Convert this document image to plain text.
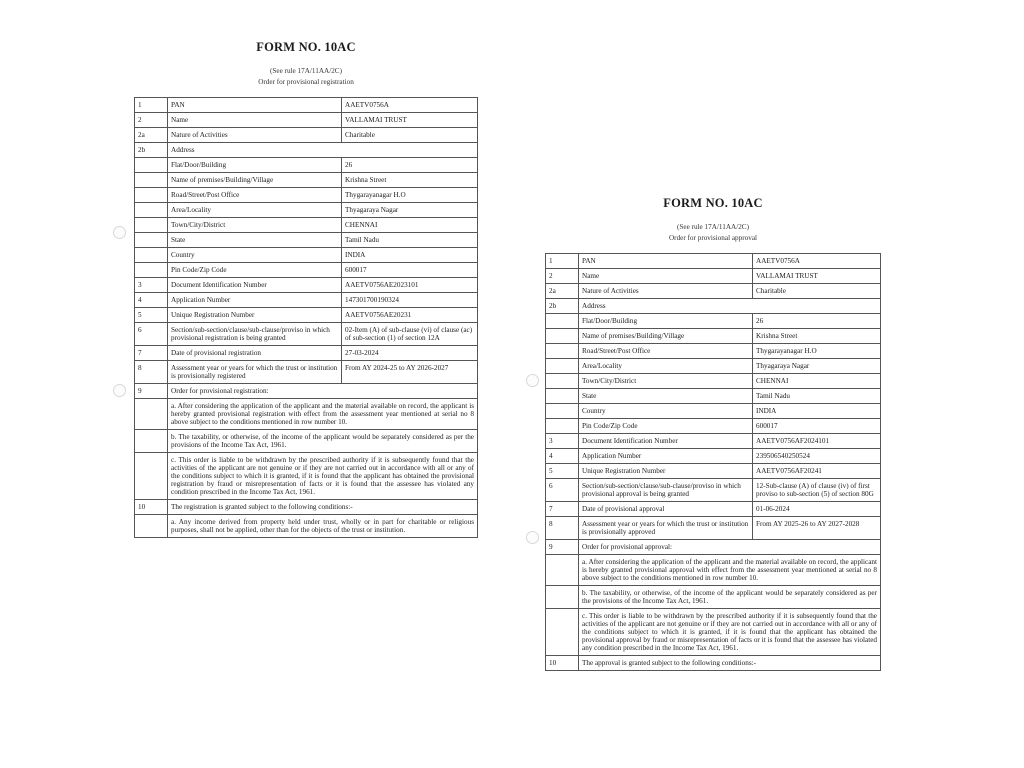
FORM NO. 10AC

(See rule 17A/11AA/2C)

Order for provisional registration

1	PAN	AAETV0756A
2	Name	VALLAMAI TRUST
2a	Nature of Activities	Charitable
2b	Address	
	Flat/Door/Building	26
	Name of premises/Building/Village	Krishna Street
	Road/Street/Post Office	Thygarayanagar H.O
	Area/Locality	Thyagaraya Nagar
	Town/City/District	CHENNAI
	State	Tamil Nadu
	Country	INDIA
	Pin Code/Zip Code	600017
3	Document Identification Number	AAETV0756AE2023101
4	Application Number	147301700190324
5	Unique Registration Number	AAETV0756AE20231
6	Section/sub-section/clause/sub-clause/proviso in which provisional registration is being granted	02-Item (A) of sub-clause (vi) of clause (ac) of sub-section (1) of section 12A
7	Date of provisional registration	27-03-2024
8	Assessment year or years for which the trust or institution is provisionally registered	From AY 2024-25 to AY 2026-2027
9	Order for provisional registration:	
	a. After considering the application of the applicant and the material available on record, the applicant is hereby granted provisional registration with effect from the assessment year mentioned at serial no 8 above subject to the conditions mentioned in row number 10.	
	b. The taxability, or otherwise, of the income of the applicant would be separately considered as per the provisions of the Income Tax Act, 1961.	
	c. This order is liable to be withdrawn by the prescribed authority if it is subsequently found that the activities of the applicant are not genuine or if they are not carried out in accordance with all or any of the conditions subject to which it is granted, if it is found that the applicant has obtained the provisional registration by fraud or misrepresentation of facts or it is found that the assessee has violated any condition prescribed in the Income Tax Act, 1961.	
10	The registration is granted subject to the following conditions:-	
	a. Any income derived from property held under trust, wholly or in part for charitable or religious purposes, shall not be applied, other than for the objects of the trust or institution.	

FORM NO. 10AC

(See rule 17A/11AA/2C)

Order for provisional approval

1	PAN	AAETV0756A
2	Name	VALLAMAI TRUST
2a	Nature of Activities	Charitable
2b	Address	
	Flat/Door/Building	26
	Name of premises/Building/Village	Krishna Street
	Road/Street/Post Office	Thygarayanagar H.O
	Area/Locality	Thyagaraya Nagar
	Town/City/District	CHENNAI
	State	Tamil Nadu
	Country	INDIA
	Pin Code/Zip Code	600017
3	Document Identification Number	AAETV0756AF2024101
4	Application Number	239506540250524
5	Unique Registration Number	AAETV0756AF20241
6	Section/sub-section/clause/sub-clause/proviso in which provisional approval is being granted	12-Sub-clause (A) of clause (iv) of first proviso to sub-section (5) of section 80G
7	Date of provisional approval	01-06-2024
8	Assessment year or years for which the trust or institution is provisionally approved	From AY 2025-26 to AY 2027-2028
9	Order for provisional approval:	
	a. After considering the application of the applicant and the material available on record, the applicant is hereby granted provisional approval with effect from the assessment year mentioned at serial no 8 above subject to the conditions mentioned in row number 10.	
	b. The taxability, or otherwise, of the income of the applicant would be separately considered as per the provisions of the Income Tax Act, 1961.	
	c. This order is liable to be withdrawn by the prescribed authority if it is subsequently found that the activities of the applicant are not genuine or if they are not carried out in accordance with all or any of the conditions subject to which it is granted, if it is found that the applicant has obtained the provisional approval by fraud or misrepresentation of facts or it is found that the assessee has violated any condition prescribed in the Income Tax Act, 1961.	
10	The approval is granted subject to the following conditions:-	
